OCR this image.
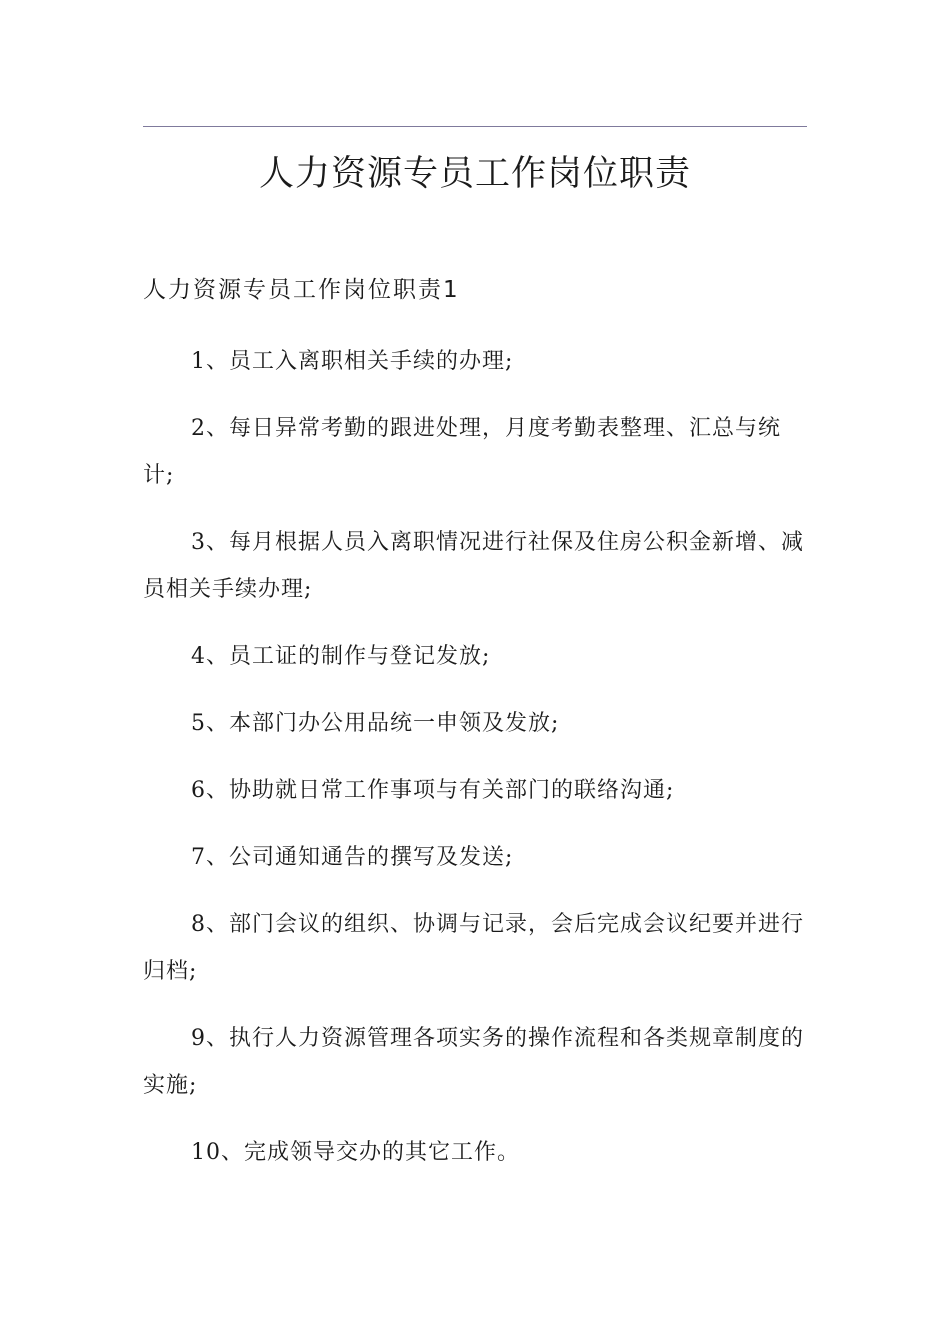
人力资源专员工作岗位职责
人力资源专员工作岗位职责1
1、员工入离职相关手续的办理;
2、每日异常考勤的跟进处理，月度考勤表整理、汇总与统计;
3、每月根据人员入离职情况进行社保及住房公积金新增、减员相关手续办理;
4、员工证的制作与登记发放;
5、本部门办公用品统一申领及发放;
6、协助就日常工作事项与有关部门的联络沟通;
7、公司通知通告的撰写及发送;
8、部门会议的组织、协调与记录，会后完成会议纪要并进行归档;
9、执行人力资源管理各项实务的操作流程和各类规章制度的实施;
10、完成领导交办的其它工作。
